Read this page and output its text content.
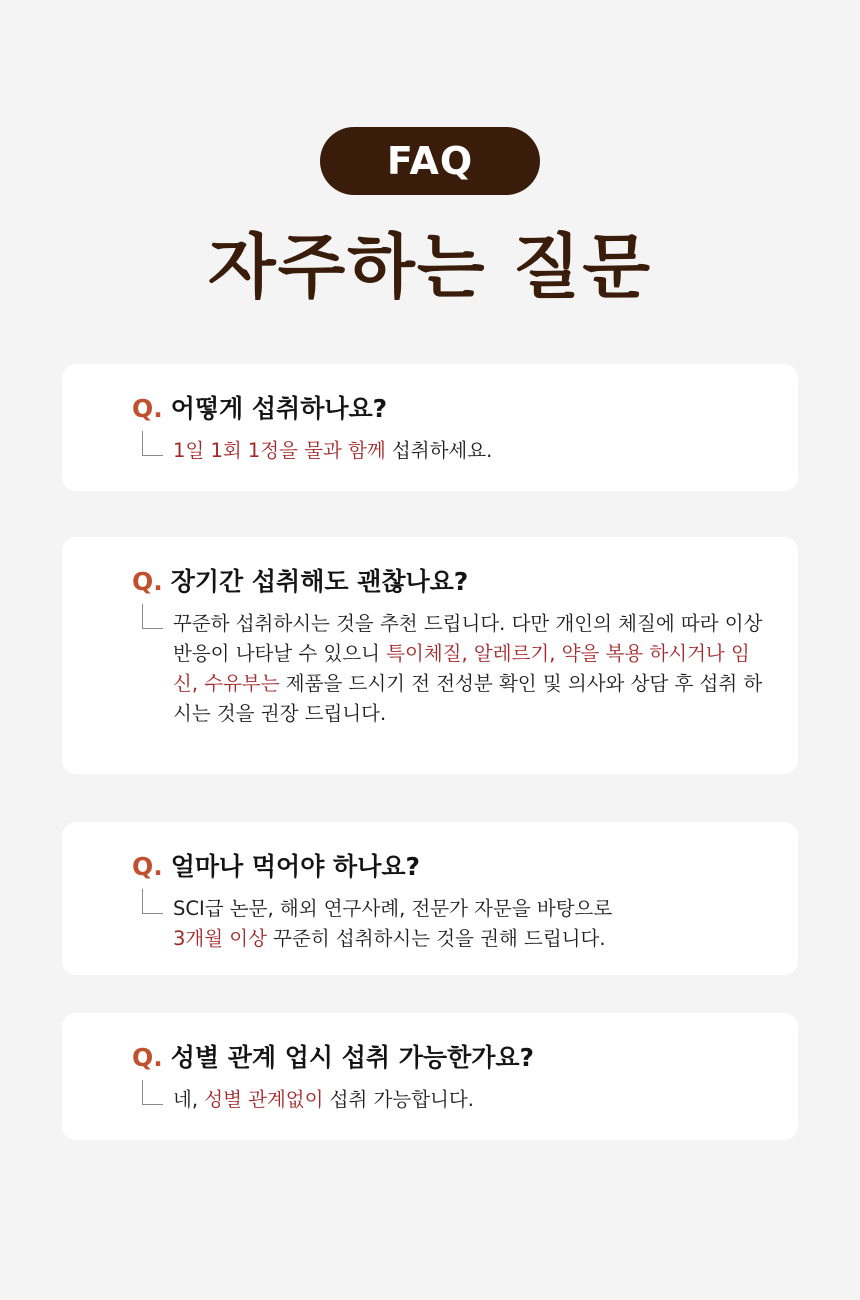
FAQ
자주하는 질문
Q. 어떻게 섭취하나요?
1일 1회 1정을 물과 함께 섭취하세요.
Q. 장기간 섭취해도 괜찮나요?
꾸준하 섭취하시는 것을 추천 드립니다. 다만 개인의 체질에 따라 이상 반응이 나타날 수 있으니 특이체질, 알레르기, 약을 복용 하시거나 임신, 수유부는 제품을 드시기 전 전성분 확인 및 의사와 상담 후 섭취 하시는 것을 권장 드립니다.
Q. 얼마나 먹어야 하나요?
SCI급 논문, 해외 연구사례, 전문가 자문을 바탕으로
3개월 이상 꾸준히 섭취하시는 것을 권해 드립니다.
Q. 성별 관계 업시 섭취 가능한가요?
네, 성별 관계없이 섭취 가능합니다.
